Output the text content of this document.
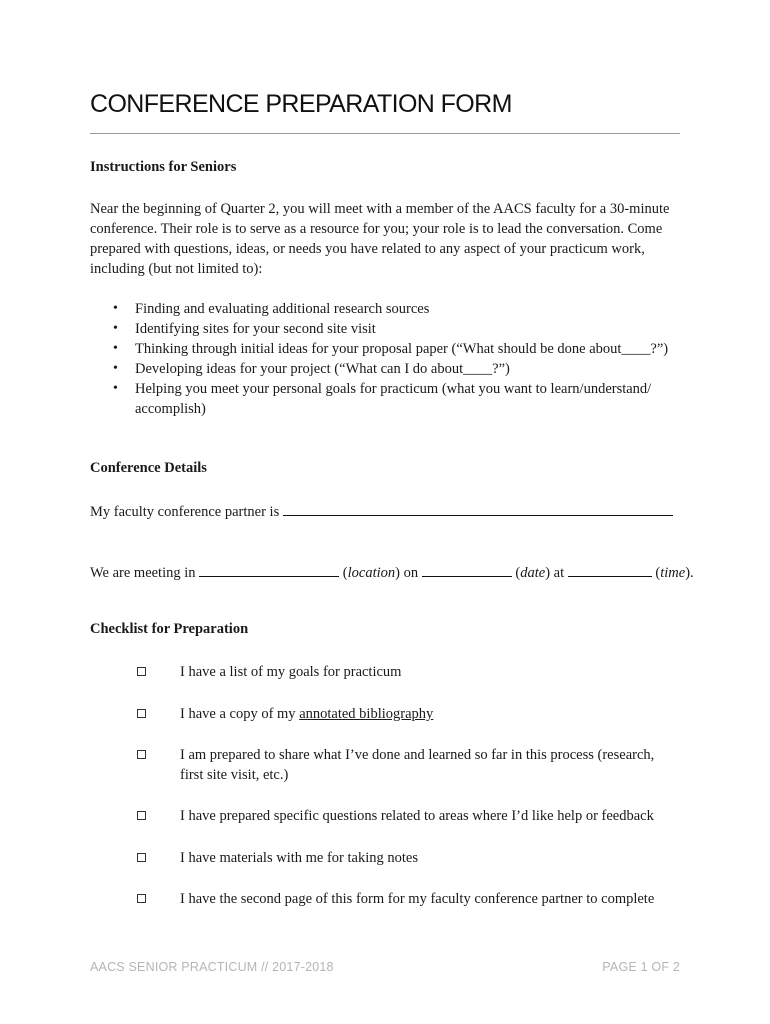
CONFERENCE PREPARATION FORM
Instructions for Seniors

Near the beginning of Quarter 2, you will meet with a member of the AACS faculty for a 30-minute conference. Their role is to serve as a resource for you; your role is to lead the conversation. Come prepared with questions, ideas, or needs you have related to any aspect of your practicum work, including (but not limited to):

• Finding and evaluating additional research sources
• Identifying sites for your second site visit
• Thinking through initial ideas for your proposal paper (“What should be done about____?”)
• Developing ideas for your project (“What can I do about____?”)
• Helping you meet your personal goals for practicum (what you want to learn/understand/ accomplish)
Conference Details
My faculty conference partner is
We are meeting in	(location) on	(date) at	(time).
Checklist for Preparation
I have a list of my goals for practicum
I have a copy of my annotated bibliography
I am prepared to share what I’ve done and learned so far in this process (research, first site visit, etc.)
I have prepared specific questions related to areas where I’d like help or feedback
I have materials with me for taking notes
I have the second page of this form for my faculty conference partner to complete
AACS SENIOR PRACTICUM // 2017-2018	PAGE 1 OF 2
